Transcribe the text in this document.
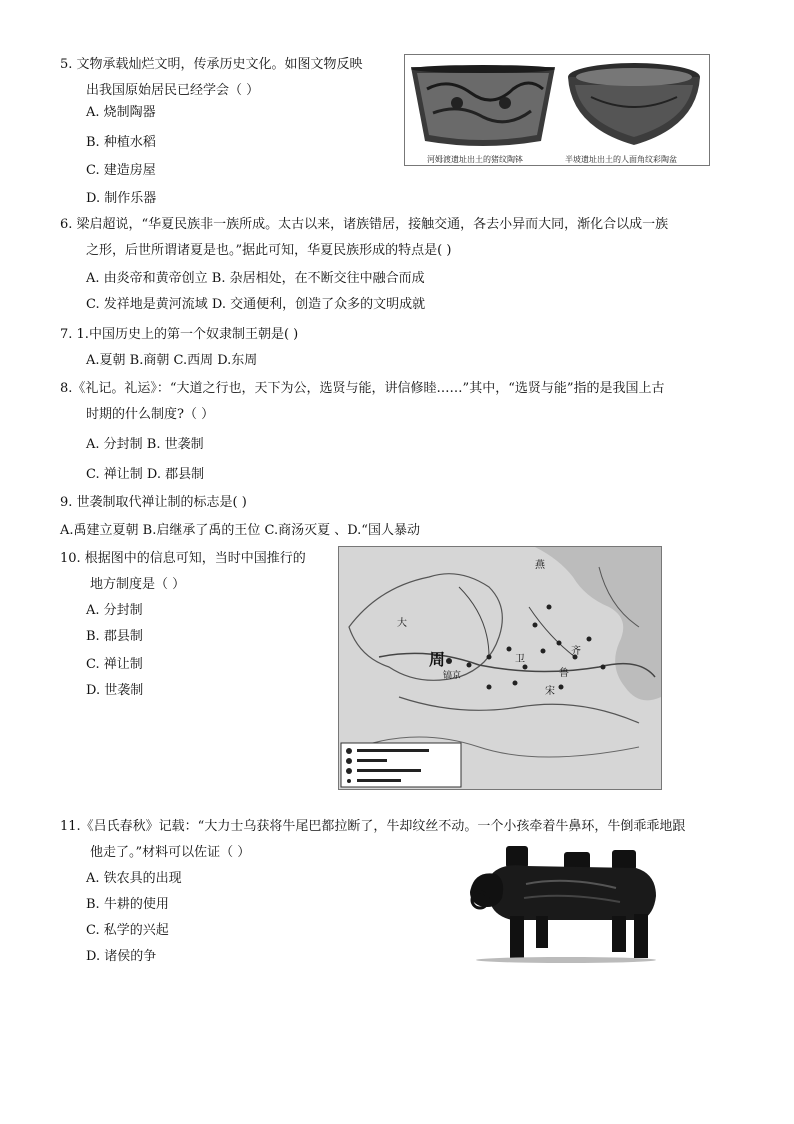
5. 文物承载灿烂文明，传承历史文化。如图文物反映
出我国原始居民已经学会（ ）
A. 烧制陶器
B. 种植水稻
C. 建造房屋
D. 制作乐器
河姆渡遗址出土的猪纹陶钵	半坡遗址出土的人面角纹彩陶盆
6. 梁启超说，“华夏民族非一族所成。太古以来，诸族错居，接触交通，各去小异而大同，渐化合以成一族
之形，后世所谓诸夏是也。”据此可知，华夏民族形成的特点是( )
A. 由炎帝和黄帝创立 B. 杂居相处，在不断交往中融合而成
C. 发祥地是黄河流域 D. 交通便利，创造了众多的文明成就
7. 1.中国历史上的第一个奴隶制王朝是( )
A.夏朝 B.商朝 C.西周 D.东周
8.《礼记。礼运》：“大道之行也，天下为公，选贤与能，讲信修睦……”其中，“选贤与能”指的是我国上古
时期的什么制度?（ ）
A. 分封制 B. 世袭制
C. 禅让制 D. 郡县制
9. 世袭制取代禅让制的标志是( )
A.禹建立夏朝 B.启继承了禹的王位 C.商汤灭夏 、D.“国人暴动
10. 根据图中的信息可知，当时中国推行的
地方制度是（ ）
A. 分封制
B. 郡县制
C. 禅让制
D. 世袭制
周
镐京
大
燕
齐
鲁
卫
宋
11.《吕氏春秋》记载：“大力士乌获将牛尾巴都拉断了，牛却纹丝不动。一个小孩牵着牛鼻环，牛倒乖乖地跟
他走了。”材料可以佐证（ ）
A. 铁农具的出现
B. 牛耕的使用
C. 私学的兴起
D. 诸侯的争
